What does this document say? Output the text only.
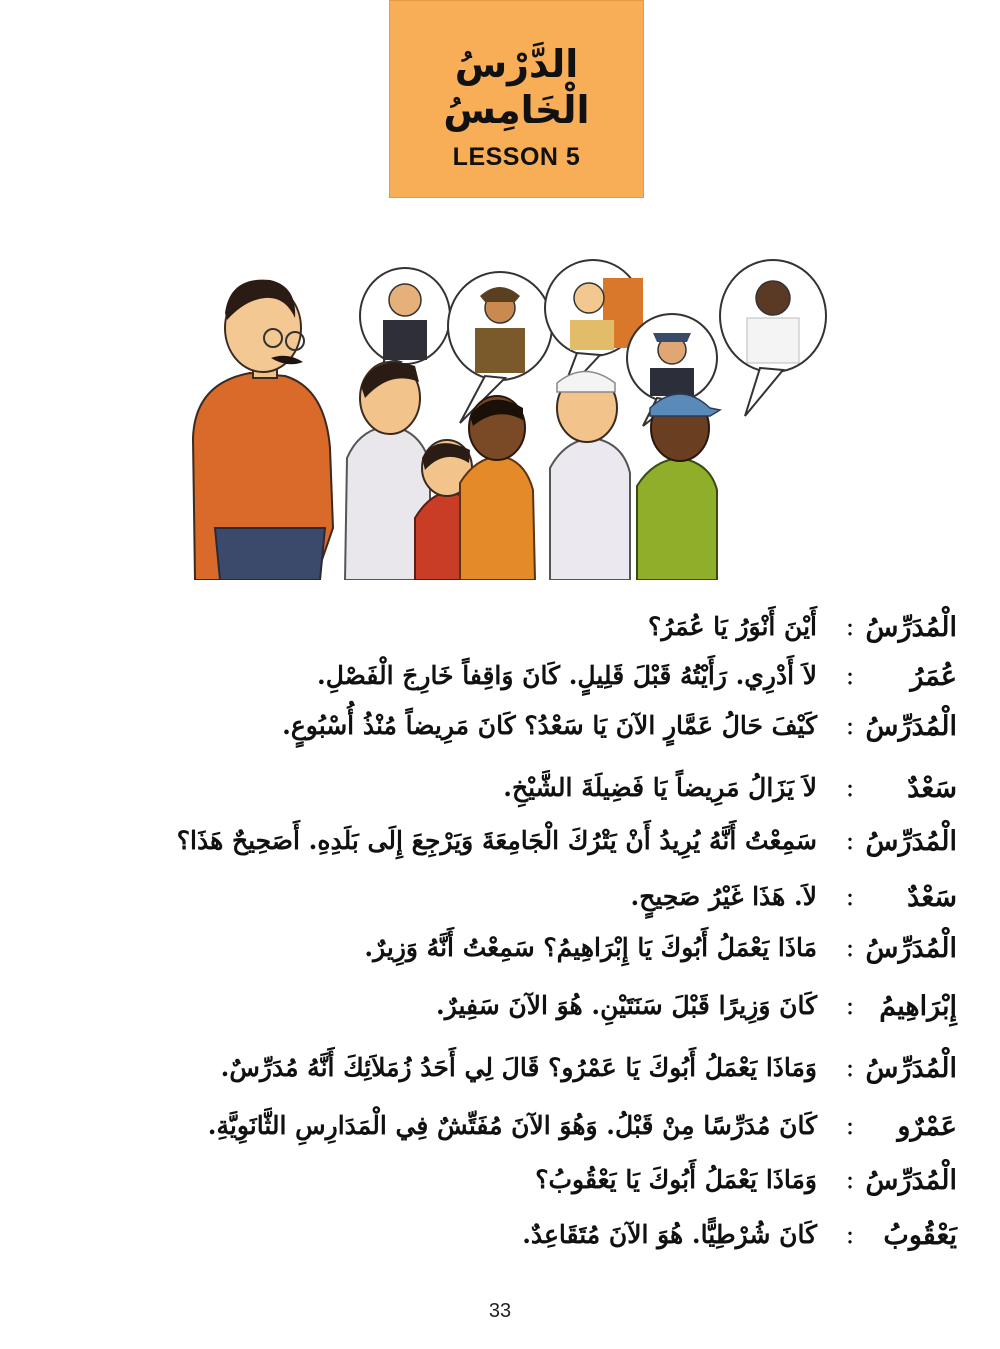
الدَّرْسُ الْخَامِسُ
LESSON 5
الْمُدَرِّسُ
:
أَيْنَ أَنْوَرُ يَا عُمَرُ؟
عُمَرُ
:
لاَ أَدْرِي. رَأَيْتُهُ قَبْلَ قَلِيلٍ. كَانَ وَاقِفاً خَارِجَ الْفَصْلِ.
الْمُدَرِّسُ
:
كَيْفَ حَالُ عَمَّارٍ الآنَ يَا سَعْدُ؟ كَانَ مَرِيضاً مُنْذُ أُسْبُوعٍ.
سَعْدٌ
:
لاَ يَزَالُ مَرِيضاً يَا فَضِيلَةَ الشَّيْخِ.
الْمُدَرِّسُ
:
سَمِعْتُ أَنَّهُ يُرِيدُ أَنْ يَتْرُكَ الْجَامِعَةَ وَيَرْجِعَ إِلَى بَلَدِهِ. أَصَحِيحٌ هَذَا؟
سَعْدٌ
:
لاَ. هَذَا غَيْرُ صَحِيحٍ.
الْمُدَرِّسُ
:
مَاذَا يَعْمَلُ أَبُوكَ يَا إِبْرَاهِيمُ؟ سَمِعْتُ أَنَّهُ وَزِيرٌ.
إِبْرَاهِيمُ
:
كَانَ وَزِيرًا قَبْلَ سَنَتَيْنِ. هُوَ الآنَ سَفِيرٌ.
الْمُدَرِّسُ
:
وَمَاذَا يَعْمَلُ أَبُوكَ يَا عَمْرُو؟ قَالَ لِي أَحَدُ زُمَلاَئِكَ أَنَّهُ مُدَرِّسٌ.
عَمْرٌو
:
كَانَ مُدَرِّسًا مِنْ قَبْلُ. وَهُوَ الآنَ مُفَتِّشٌ فِي الْمَدَارِسِ الثَّانَوِيَّةِ.
الْمُدَرِّسُ
:
وَمَاذَا يَعْمَلُ أَبُوكَ يَا يَعْقُوبُ؟
يَعْقُوبُ
:
كَانَ شُرْطِيًّا. هُوَ الآنَ مُتَقَاعِدٌ.
33
